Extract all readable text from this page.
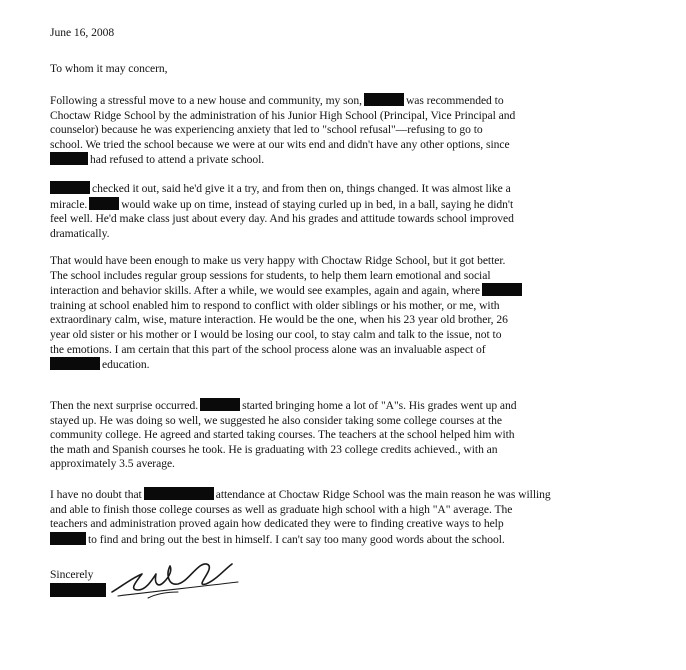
June 16, 2008

To whom it may concern,

Following a stressful move to a new house and community, my son,	was recommended to
Choctaw Ridge School by the administration of his Junior High School (Principal, Vice Principal and
counselor) because he was experiencing anxiety that led to "school refusal"—refusing to go to
school. We tried the school because we were at our wits end and didn't have any other options, since
had refused to attend a private school.
checked it out, said he'd give it a try, and from then on, things changed. It was almost like a
miracle.	would wake up on time, instead of staying curled up in bed, in a ball, saying he didn't
feel well. He'd make class just about every day. And his grades and attitude towards school improved
dramatically.
That would have been enough to make us very happy with Choctaw Ridge School, but it got better.
The school includes regular group sessions for students, to help them learn emotional and social
interaction and behavior skills. After a while, we would see examples, again and again, where
training at school enabled him to respond to conflict with older siblings or his mother, or me, with
extraordinary calm, wise, mature interaction. He would be the one, when his 23 year old brother, 26
year old sister or his mother or I would be losing our cool, to stay calm and talk to the issue, not to
the emotions. I am certain that this part of the school process alone was an invaluable aspect of
education.
Then the next surprise occurred.	started bringing home a lot of "A"s. His grades went up and
stayed up. He was doing so well, we suggested he also consider taking some college courses at the
community college. He agreed and started taking courses. The teachers at the school helped him with
the math and Spanish courses he took. He is graduating with 23 college credits achieved., with an
approximately 3.5 average.
I have no doubt that	attendance at Choctaw Ridge School was the main reason he was willing
and able to finish those college courses as well as graduate high school with a high "A" average. The
teachers and administration proved again how dedicated they were to finding creative ways to help
to find and bring out the best in himself. I can't say too many good words about the school.

Sincerely
